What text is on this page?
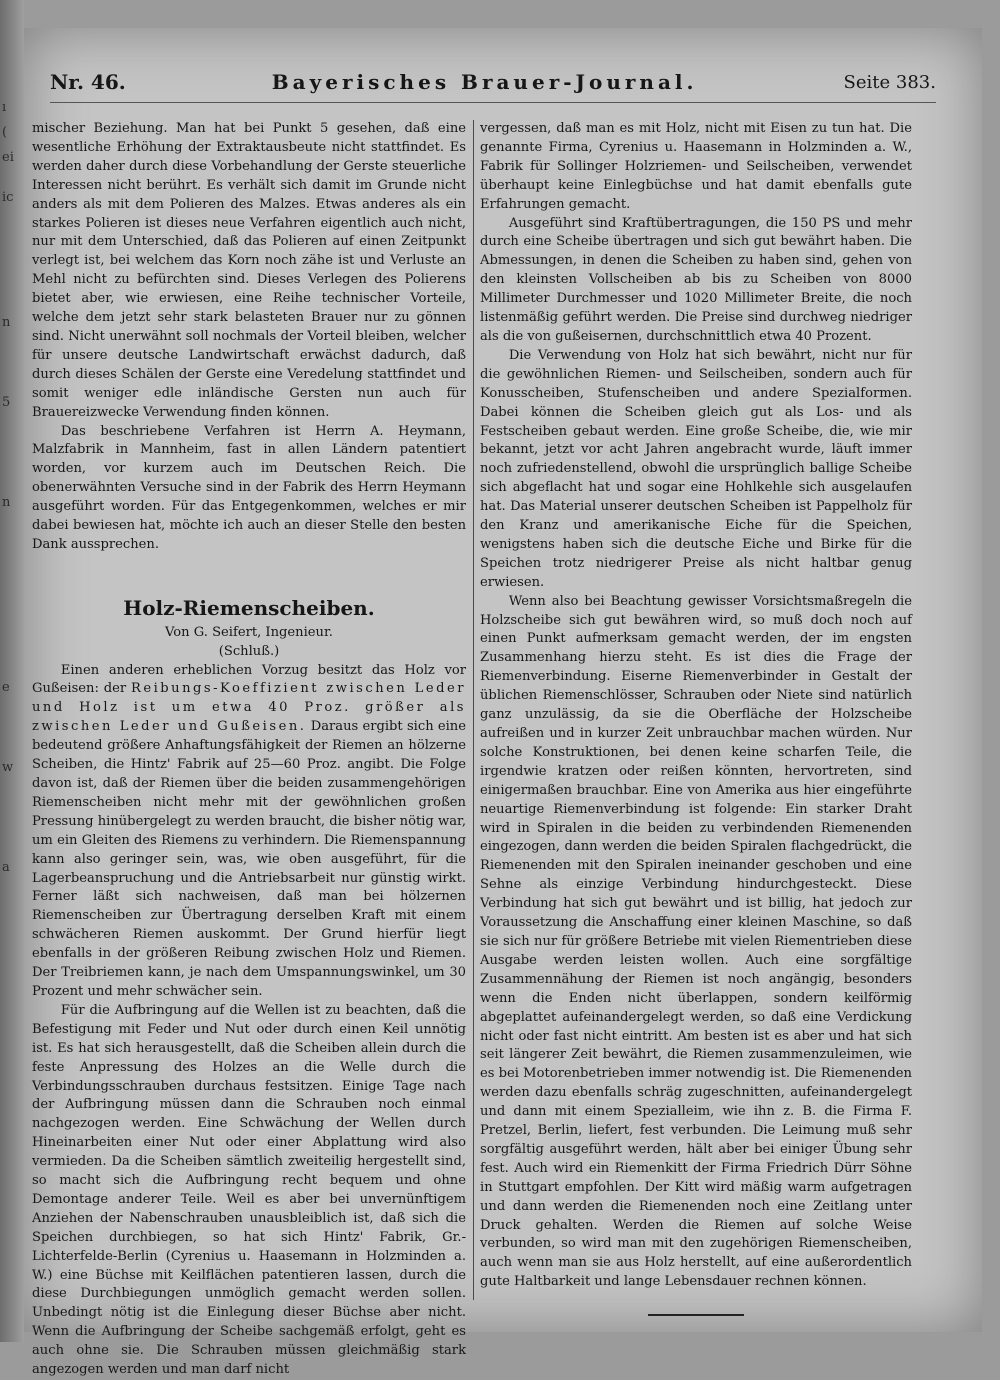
ı
(
ei
ic
n
5
n
e
w
a
Nr. 46.	Bayerisches Brauer-Journal.	Seite 383.

mischer Beziehung. Man hat bei Punkt 5 gesehen, daß eine wesentliche Erhöhung der Extraktausbeute nicht stattfindet. Es werden daher durch diese Vorbehandlung der Gerste steuerliche Interessen nicht berührt. Es verhält sich damit im Grunde nicht anders als mit dem Polieren des Malzes. Etwas anderes als ein starkes Polieren ist dieses neue Verfahren eigentlich auch nicht, nur mit dem Unterschied, daß das Polieren auf einen Zeitpunkt verlegt ist, bei welchem das Korn noch zähe ist und Verluste an Mehl nicht zu befürchten sind. Dieses Verlegen des Polierens bietet aber, wie erwiesen, eine Reihe technischer Vorteile, welche dem jetzt sehr stark belasteten Brauer nur zu gönnen sind. Nicht unerwähnt soll nochmals der Vorteil bleiben, welcher für unsere deutsche Landwirtschaft erwächst dadurch, daß durch dieses Schälen der Gerste eine Veredelung stattfindet und somit weniger edle inländische Gersten nun auch für Brauereizwecke Verwendung finden können.

Das beschriebene Verfahren ist Herrn A. Heymann, Malzfabrik in Mannheim, fast in allen Ländern patentiert worden, vor kurzem auch im Deutschen Reich. Die obenerwähnten Versuche sind in der Fabrik des Herrn Heymann ausgeführt worden. Für das Entgegenkommen, welches er mir dabei bewiesen hat, möchte ich auch an dieser Stelle den besten Dank aussprechen.

Holz-Riemenscheiben.

Von G. Seifert, Ingenieur.

(Schluß.)

Einen anderen erheblichen Vorzug besitzt das Holz vor Gußeisen: der Reibungs-Koeffizient zwischen Leder und Holz ist um etwa 40 Proz. größer als zwischen Leder und Gußeisen. Daraus ergibt sich eine bedeutend größere Anhaftungsfähigkeit der Riemen an hölzerne Scheiben, die Hintz' Fabrik auf 25—60 Proz. angibt. Die Folge davon ist, daß der Riemen über die beiden zusammengehörigen Riemenscheiben nicht mehr mit der gewöhnlichen großen Pressung hinübergelegt zu werden braucht, die bisher nötig war, um ein Gleiten des Riemens zu verhindern. Die Riemenspannung kann also geringer sein, was, wie oben ausgeführt, für die Lagerbeanspruchung und die Antriebsarbeit nur günstig wirkt. Ferner läßt sich nachweisen, daß man bei hölzernen Riemenscheiben zur Übertragung derselben Kraft mit einem schwächeren Riemen auskommt. Der Grund hierfür liegt ebenfalls in der größeren Reibung zwischen Holz und Riemen. Der Treibriemen kann, je nach dem Umspannungswinkel, um 30 Prozent und mehr schwächer sein.

Für die Aufbringung auf die Wellen ist zu beachten, daß die Befestigung mit Feder und Nut oder durch einen Keil unnötig ist. Es hat sich herausgestellt, daß die Scheiben allein durch die feste Anpressung des Holzes an die Welle durch die Verbindungsschrauben durchaus festsitzen. Einige Tage nach der Aufbringung müssen dann die Schrauben noch einmal nachgezogen werden. Eine Schwächung der Wellen durch Hineinarbeiten einer Nut oder einer Abplattung wird also vermieden. Da die Scheiben sämtlich zweiteilig hergestellt sind, so macht sich die Aufbringung recht bequem und ohne Demontage anderer Teile. Weil es aber bei unvernünftigem Anziehen der Nabenschrauben unausbleiblich ist, daß sich die Speichen durchbiegen, so hat sich Hintz' Fabrik, Gr.-Lichterfelde-Berlin (Cyrenius u. Haasemann in Holzminden a. W.) eine Büchse mit Keilflächen patentieren lassen, durch die diese Durchbiegungen unmöglich gemacht werden sollen. Unbedingt nötig ist die Einlegung dieser Büchse aber nicht. Wenn die Aufbringung der Scheibe sachgemäß erfolgt, geht es auch ohne sie. Die Schrauben müssen gleichmäßig stark angezogen werden und man darf nicht

vergessen, daß man es mit Holz, nicht mit Eisen zu tun hat. Die genannte Firma, Cyrenius u. Haasemann in Holzminden a. W., Fabrik für Sollinger Holzriemen- und Seilscheiben, verwendet überhaupt keine Einlegbüchse und hat damit ebenfalls gute Erfahrungen gemacht.

Ausgeführt sind Kraftübertragungen, die 150 PS und mehr durch eine Scheibe übertragen und sich gut bewährt haben. Die Abmessungen, in denen die Scheiben zu haben sind, gehen von den kleinsten Vollscheiben ab bis zu Scheiben von 8000 Millimeter Durchmesser und 1020 Millimeter Breite, die noch listenmäßig geführt werden. Die Preise sind durchweg niedriger als die von gußeisernen, durchschnittlich etwa 40 Prozent.

Die Verwendung von Holz hat sich bewährt, nicht nur für die gewöhnlichen Riemen- und Seilscheiben, sondern auch für Konusscheiben, Stufenscheiben und andere Spezialformen. Dabei können die Scheiben gleich gut als Los- und als Festscheiben gebaut werden. Eine große Scheibe, die, wie mir bekannt, jetzt vor acht Jahren angebracht wurde, läuft immer noch zufriedenstellend, obwohl die ursprünglich ballige Scheibe sich abgeflacht hat und sogar eine Hohlkehle sich ausgelaufen hat. Das Material unserer deutschen Scheiben ist Pappelholz für den Kranz und amerikanische Eiche für die Speichen, wenigstens haben sich die deutsche Eiche und Birke für die Speichen trotz niedrigerer Preise als nicht haltbar genug erwiesen.

Wenn also bei Beachtung gewisser Vorsichtsmaßregeln die Holzscheibe sich gut bewähren wird, so muß doch noch auf einen Punkt aufmerksam gemacht werden, der im engsten Zusammenhang hierzu steht. Es ist dies die Frage der Riemenverbindung. Eiserne Riemenverbinder in Gestalt der üblichen Riemenschlösser, Schrauben oder Niete sind natürlich ganz unzulässig, da sie die Oberfläche der Holzscheibe aufreißen und in kurzer Zeit unbrauchbar machen würden. Nur solche Konstruktionen, bei denen keine scharfen Teile, die irgendwie kratzen oder reißen könnten, hervortreten, sind einigermaßen brauchbar. Eine von Amerika aus hier eingeführte neuartige Riemenverbindung ist folgende: Ein starker Draht wird in Spiralen in die beiden zu verbindenden Riemenenden eingezogen, dann werden die beiden Spiralen flachgedrückt, die Riemenenden mit den Spiralen ineinander geschoben und eine Sehne als einzige Verbindung hindurchgesteckt. Diese Verbindung hat sich gut bewährt und ist billig, hat jedoch zur Voraussetzung die Anschaffung einer kleinen Maschine, so daß sie sich nur für größere Betriebe mit vielen Riementrieben diese Ausgabe werden leisten wollen. Auch eine sorgfältige Zusammennähung der Riemen ist noch angängig, besonders wenn die Enden nicht überlappen, sondern keilförmig abgeplattet aufeinandergelegt werden, so daß eine Verdickung nicht oder fast nicht eintritt. Am besten ist es aber und hat sich seit längerer Zeit bewährt, die Riemen zusammenzuleimen, wie es bei Motorenbetrieben immer notwendig ist. Die Riemenenden werden dazu ebenfalls schräg zugeschnitten, aufeinandergelegt und dann mit einem Spezialleim, wie ihn z. B. die Firma F. Pretzel, Berlin, liefert, fest verbunden. Die Leimung muß sehr sorgfältig ausgeführt werden, hält aber bei einiger Übung sehr fest. Auch wird ein Riemenkitt der Firma Friedrich Dürr Söhne in Stuttgart empfohlen. Der Kitt wird mäßig warm aufgetragen und dann werden die Riemenenden noch eine Zeitlang unter Druck gehalten. Werden die Riemen auf solche Weise verbunden, so wird man mit den zugehörigen Riemenscheiben, auch wenn man sie aus Holz herstellt, auf eine außerordentlich gute Haltbarkeit und lange Lebensdauer rechnen können.
